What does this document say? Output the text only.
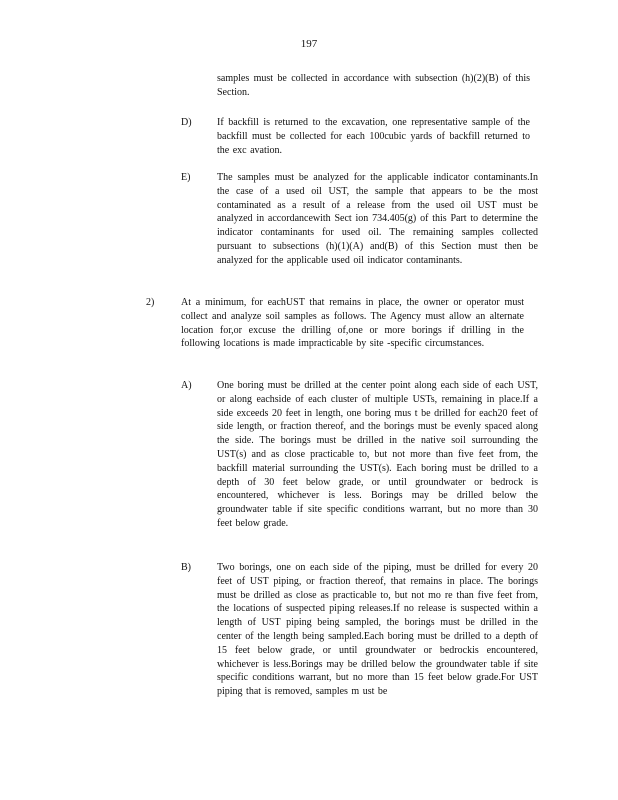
197
samples must be collected in accordance with subsection (h)(2)(B) of this Section.
D)	If backfill is returned to the excavation, one representative sample of the backfill must be collected for each 100cubic yards of backfill returned to the exc avation.
E)	The samples must be analyzed for the applicable indicator contaminants.In the case of a used oil UST, the sample that appears to be the most contaminated as a result of a release from the used oil UST must be analyzed in accordancewith Sect ion 734.405(g) of this Part to determine the indicator contaminants for used oil. The remaining samples collected pursuant to subsections (h)(1)(A) and(B) of this Section must then be analyzed for the applicable used oil indicator contaminants.
2)	At a minimum, for eachUST that remains in place, the owner or operator must collect and analyze soil samples as follows. The Agency must allow an alternate location for,or excuse the drilling of,one or more borings if drilling in the following locations is made impracticable by site -specific circumstances.
A)	One boring must be drilled at the center point along each side of each UST, or along eachside of each cluster of multiple USTs, remaining in place.If a side exceeds 20 feet in length, one boring mus t be drilled for each20 feet of side length, or fraction thereof, and the borings must be evenly spaced along the side. The borings must be drilled in the native soil surrounding the UST(s) and as close practicable to, but not more than five feet from, the backfill material surrounding the UST(s). Each boring must be drilled to a depth of 30 feet below grade, or until groundwater or bedrock is encountered, whichever is less. Borings may be drilled below the groundwater table if site specific conditions warrant, but no more than 30 feet below grade.
B)	Two borings, one on each side of the piping, must be drilled for every 20 feet of UST piping, or fraction thereof, that remains in place. The borings must be drilled as close as practicable to, but not mo re than five feet from, the locations of suspected piping releases.If no release is suspected within a length of UST piping being sampled, the borings must be drilled in the center of the length being sampled.Each boring must be drilled to a depth of 15 feet below grade, or until groundwater or bedrockis encountered, whichever is less.Borings may be drilled below the groundwater table if site specific conditions warrant, but no more than 15 feet below grade.For UST piping that is removed, samples m ust be
